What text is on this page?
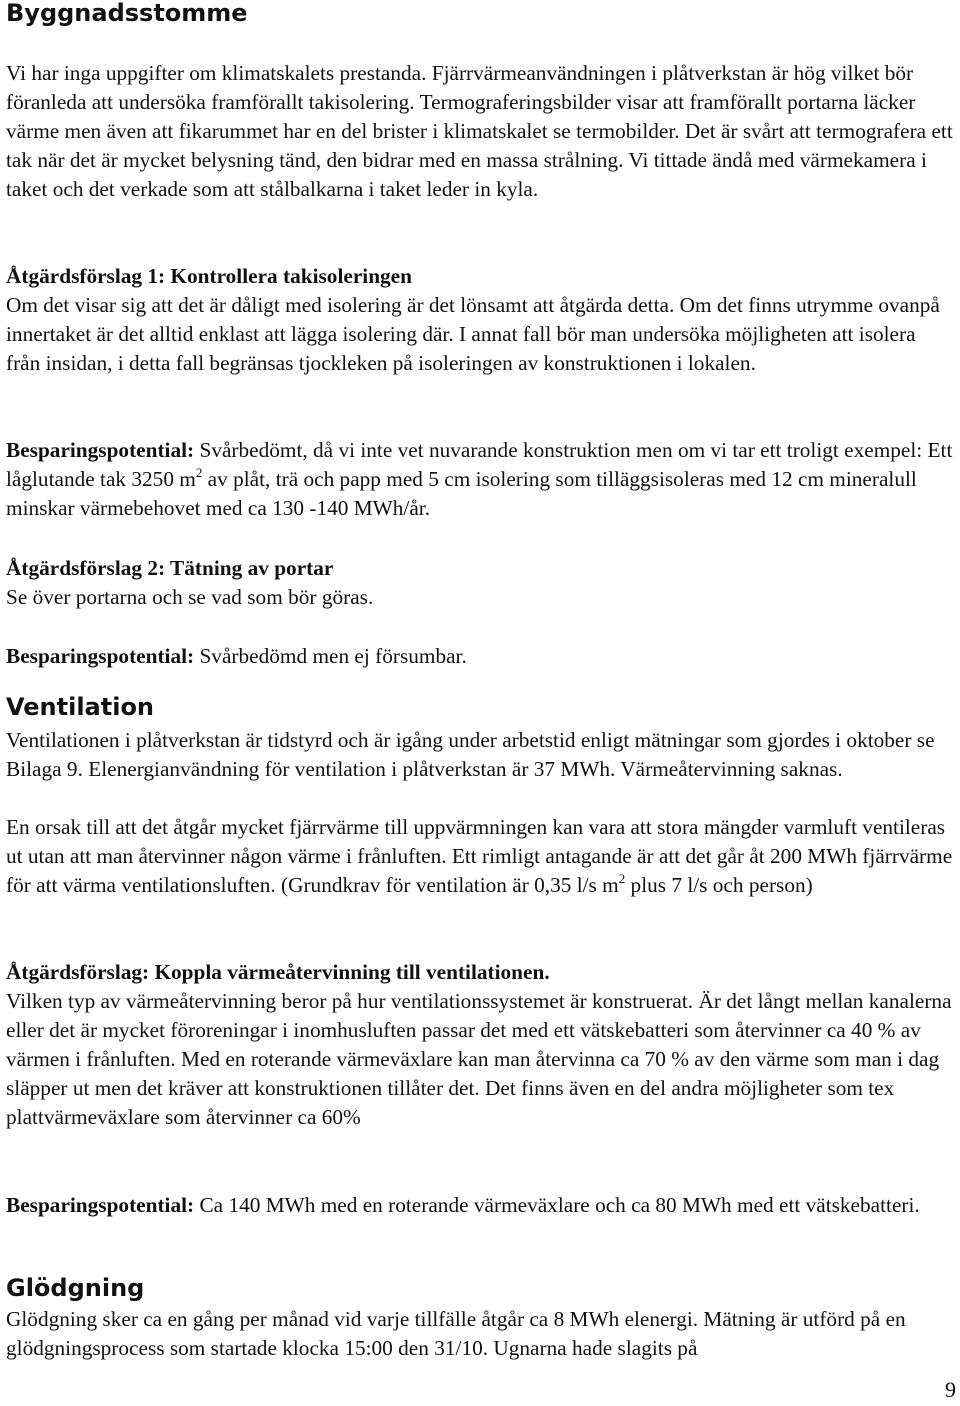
Byggnadsstomme

Vi har inga uppgifter om klimatskalets prestanda. Fjärrvärmeanvändningen i plåtverkstan är hög vilket bör föranleda att undersöka framförallt takisolering. Termograferingsbilder visar att framförallt portarna läcker värme men även att fikarummet har en del brister i klimatskalet se termobilder. Det är svårt att termografera ett tak när det är mycket belysning tänd, den bidrar med en massa strålning. Vi tittade ändå med värmekamera i taket och det verkade som att stålbalkarna i taket leder in kyla.

Åtgärdsförslag 1: Kontrollera takisoleringen
Om det visar sig att det är dåligt med isolering är det lönsamt att åtgärda detta. Om det finns utrymme ovanpå innertaket är det alltid enklast att lägga isolering där. I annat fall bör man undersöka möjligheten att isolera från insidan, i detta fall begränsas tjockleken på isoleringen av konstruktionen i lokalen.

Besparingspotential: Svårbedömt, då vi inte vet nuvarande konstruktion men om vi tar ett troligt exempel: Ett låglutande tak 3250 $m^2$ av plåt, trä och papp med 5 cm isolering som tilläggsisoleras med 12 cm mineralull minskar värmebehovet med ca 130 -140 MWh/år.

Åtgärdsförslag 2: Tätning av portar
Se över portarna och se vad som bör göras.

Besparingspotential: Svårbedömd men ej försumbar.

Ventilation

Ventilationen i plåtverkstan är tidstyrd och är igång under arbetstid enligt mätningar som gjordes i oktober se Bilaga 9. Elenergianvändning för ventilation i plåtverkstan är 37 MWh. Värmeåtervinning saknas.

En orsak till att det åtgår mycket fjärrvärme till uppvärmningen kan vara att stora mängder varmluft ventileras ut utan att man återvinner någon värme i frånluften. Ett rimligt antagande är att det går åt 200 MWh fjärrvärme för att värma ventilationsluften. (Grundkrav för ventilation är 0,35 l/s $m^2$ plus 7 l/s och person)

Åtgärdsförslag: Koppla värmeåtervinning till ventilationen.
Vilken typ av värmeåtervinning beror på hur ventilationssystemet är konstruerat. Är det långt mellan kanalerna eller det är mycket föroreningar i inomhusluften passar det med ett vätskebatteri som återvinner ca 40 % av värmen i frånluften. Med en roterande värmeväxlare kan man återvinna ca 70 % av den värme som man i dag släpper ut men det kräver att konstruktionen tillåter det. Det finns även en del andra möjligheter som tex plattvärmeväxlare som återvinner ca 60%

Besparingspotential: Ca 140 MWh med en roterande värmeväxlare och ca 80 MWh med ett vätskebatteri.

Glödgning

Glödgning sker ca en gång per månad vid varje tillfälle åtgår ca 8 MWh elenergi. Mätning är utförd på en glödgningsprocess som startade klocka 15:00 den 31/10. Ugnarna hade slagits på

9
